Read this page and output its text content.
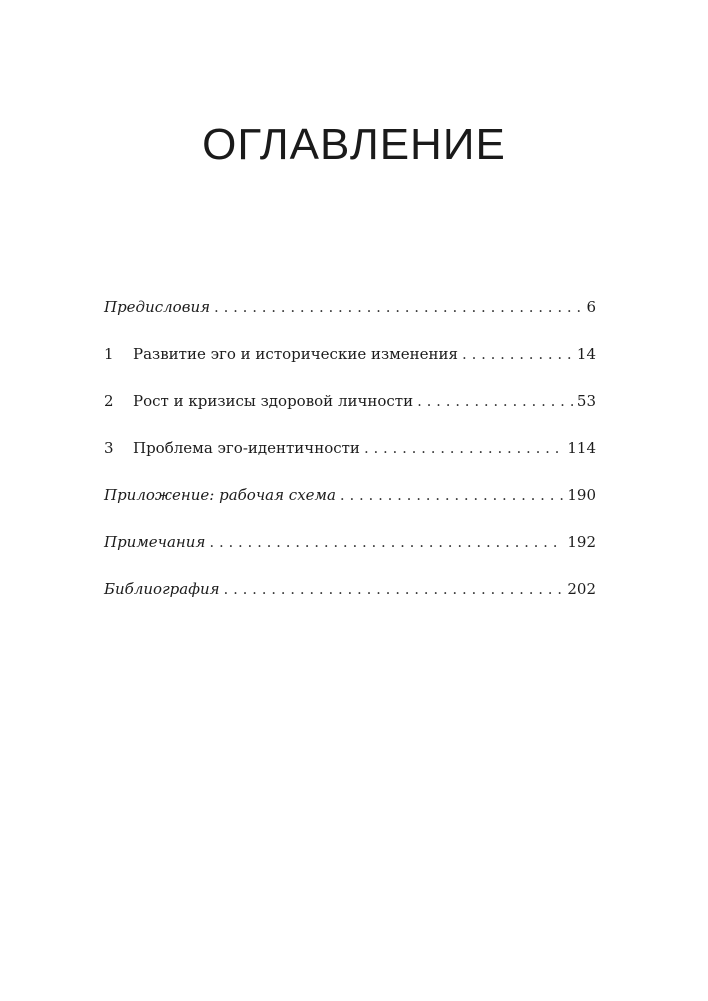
ОГЛАВЛЕНИЕ
Предисловия . . .	6
1	Развитие эго и исторические изменения . . .	14
2	Рост и кризисы здоровой личности . . .	53
3	Проблема эго-идентичности . . .	114
Приложение: рабочая схема . . .	190
Примечания . . .	192
Библиография . . .	202
